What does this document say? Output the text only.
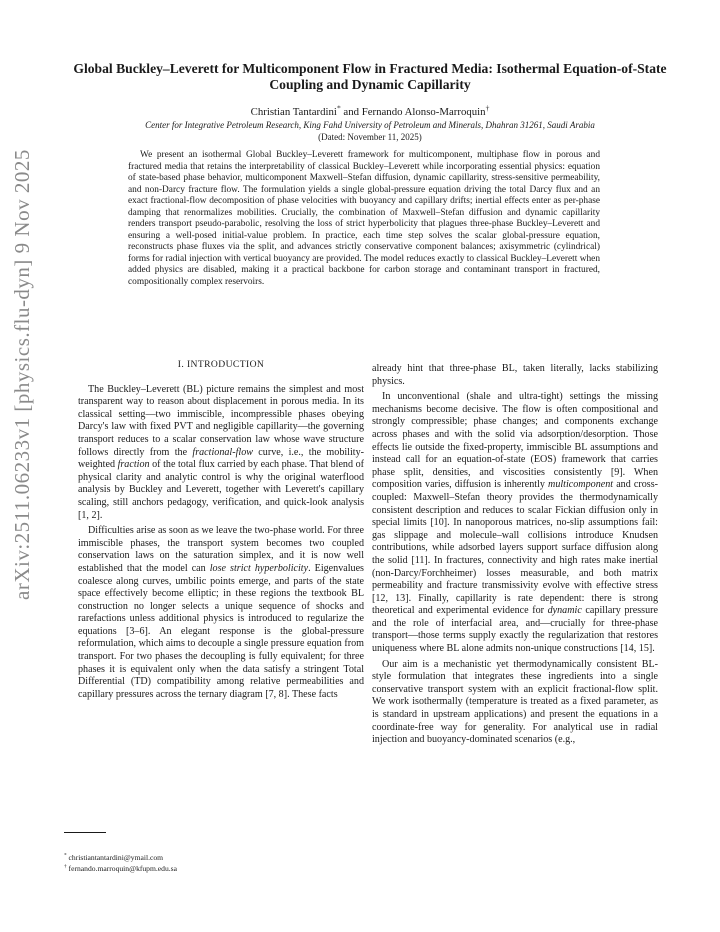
arXiv:2511.06233v1 [physics.flu-dyn] 9 Nov 2025
Global Buckley–Leverett for Multicomponent Flow in Fractured Media: Isothermal Equation-of-State Coupling and Dynamic Capillarity
Christian Tantardini* and Fernando Alonso-Marroquin†
Center for Integrative Petroleum Research, King Fahd University of Petroleum and Minerals, Dhahran 31261, Saudi Arabia
(Dated: November 11, 2025)

We present an isothermal Global Buckley–Leverett framework for multicomponent, multiphase flow in porous and fractured media that retains the interpretability of classical Buckley–Leverett while incorporating essential physics: equation of state-based phase behavior, multicomponent Maxwell–Stefan diffusion, dynamic capillarity, stress-sensitive permeability, and non-Darcy fracture flow. The formulation yields a single global-pressure equation driving the total Darcy flux and an exact fractional-flow decomposition of phase velocities with buoyancy and capillary drifts; inertial effects enter as per-phase damping that renormalizes mobilities. Crucially, the combination of Maxwell–Stefan diffusion and dynamic capillarity renders transport pseudo-parabolic, resolving the loss of strict hyperbolicity that plagues three-phase Buckley–Leverett and ensuring a well-posed initial-value problem. In practice, each time step solves the scalar global-pressure equation, reconstructs phase fluxes via the split, and advances strictly conservative component balances; axisymmetric (cylindrical) forms for radial injection with vertical buoyancy are provided. The model reduces exactly to classical Buckley–Leverett when added physics are disabled, making it a practical backbone for carbon storage and contaminant transport in fractured, compositionally complex reservoirs.

I. INTRODUCTION

The Buckley–Leverett (BL) picture remains the simplest and most transparent way to reason about displacement in porous media. In its classical setting—two immiscible, incompressible phases obeying Darcy's law with fixed PVT and negligible capillarity—the governing transport reduces to a scalar conservation law whose wave structure follows directly from the fractional-flow curve, i.e., the mobility-weighted fraction of the total flux carried by each phase. That blend of physical clarity and analytic control is why the original waterflood analysis by Buckley and Leverett, together with Leverett's capillary scaling, still anchors pedagogy, verification, and quick-look analysis [1, 2].

Difficulties arise as soon as we leave the two-phase world. For three immiscible phases, the transport system becomes two coupled conservation laws on the saturation simplex, and it is now well established that the model can lose strict hyperbolicity. Eigenvalues coalesce along curves, umbilic points emerge, and parts of the state space effectively become elliptic; in these regions the textbook BL construction no longer selects a unique sequence of shocks and rarefactions unless additional physics is introduced to regularize the equations [3–6]. An elegant response is the global-pressure reformulation, which aims to decouple a single pressure equation from transport. For two phases the decoupling is fully equivalent; for three phases it is equivalent only when the data satisfy a stringent Total Differential (TD) compatibility among relative permeabilities and capillary pressures across the ternary diagram [7, 8]. These facts

already hint that three-phase BL, taken literally, lacks stabilizing physics.

In unconventional (shale and ultra-tight) settings the missing mechanisms become decisive. The flow is often compositional and strongly compressible; phase changes; and components exchange across phases and with the solid via adsorption/desorption. Those effects lie outside the fixed-property, immiscible BL assumptions and instead call for an equation-of-state (EOS) framework that carries phase split, densities, and viscosities consistently [9]. When composition varies, diffusion is inherently multicomponent and cross-coupled: Maxwell–Stefan theory provides the thermodynamically consistent description and reduces to scalar Fickian diffusion only in special limits [10]. In nanoporous matrices, no-slip assumptions fail: gas slippage and molecule–wall collisions introduce Knudsen contributions, while adsorbed layers support surface diffusion along the solid [11]. In fractures, connectivity and high rates make inertial (non-Darcy/Forchheimer) losses measurable, and both matrix permeability and fracture transmissivity evolve with effective stress [12, 13]. Finally, capillarity is rate dependent: there is strong theoretical and experimental evidence for dynamic capillary pressure and the role of interfacial area, and—crucially for three-phase transport—those terms supply exactly the regularization that restores uniqueness where BL alone admits non-unique constructions [14, 15].

Our aim is a mechanistic yet thermodynamically consistent BL-style formulation that integrates these ingredients into a single conservative transport system with an explicit fractional-flow split. We work isothermally (temperature is treated as a fixed parameter, as is standard in upstream applications) and present the equations in a coordinate-free way for generality. For analytical use in radial injection and buoyancy-dominated scenarios (e.g.,

* christiantantardini@ymail.com
† fernando.marroquin@kfupm.edu.sa
